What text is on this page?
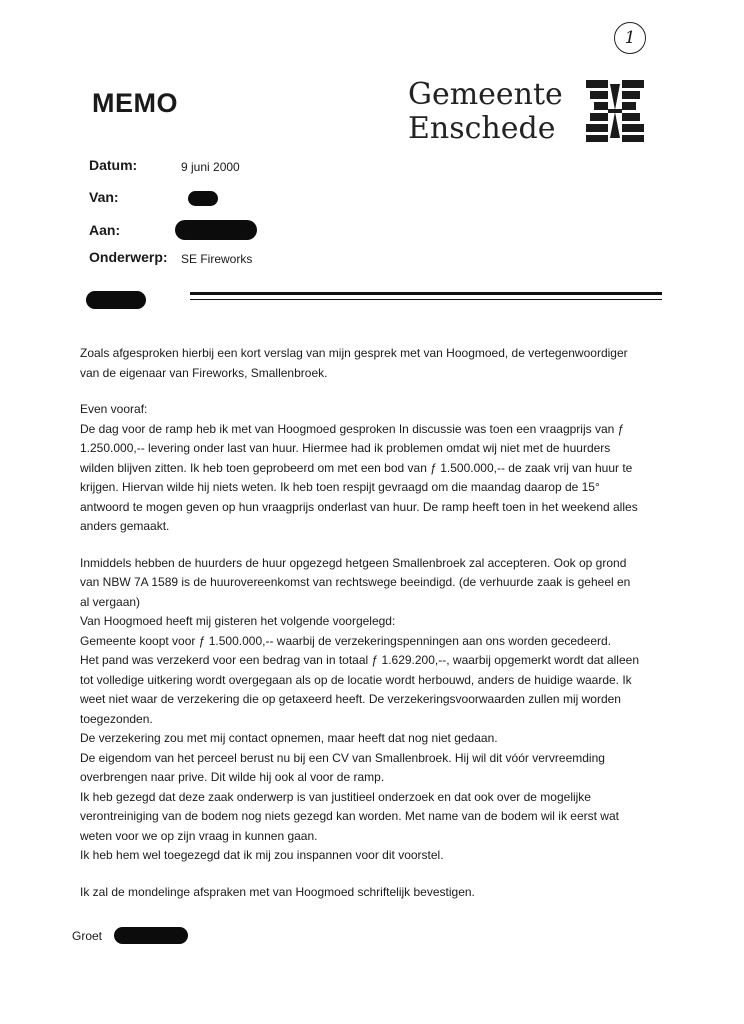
MEMO
1
Gemeente
Enschede
Datum:	9 juni 2000
Van:
Aan:
Onderwerp: SE Fireworks

Zoals afgesproken hierbij een kort verslag van mijn gesprek met van Hoogmoed, de vertegenwoordiger van de eigenaar van Fireworks, Smallenbroek.

Even vooraf:

De dag voor de ramp heb ik met van Hoogmoed gesproken In discussie was toen een vraagprijs van ƒ 1.250.000,-- levering onder last van huur. Hiermee had ik problemen omdat wij niet met de huurders wilden blijven zitten. Ik heb toen geprobeerd om met een bod van ƒ 1.500.000,-- de zaak vrij van huur te krijgen. Hiervan wilde hij niets weten. Ik heb toen respijt gevraagd om die maandag daarop de 15° antwoord te mogen geven op hun vraagprijs onderlast van huur. De ramp heeft toen in het weekend alles anders gemaakt.

Inmiddels hebben de huurders de huur opgezegd hetgeen Smallenbroek zal accepteren. Ook op grond van NBW 7A 1589 is de huurovereenkomst van rechtswege beeindigd. (de verhuurde zaak is geheel en al vergaan)

Van Hoogmoed heeft mij gisteren het volgende voorgelegd:

Gemeente koopt voor ƒ 1.500.000,-- waarbij de verzekeringspenningen aan ons worden gecedeerd.

Het pand was verzekerd voor een bedrag van in totaal ƒ 1.629.200,--, waarbij opgemerkt wordt dat alleen tot volledige uitkering wordt overgegaan als op de locatie wordt herbouwd, anders de huidige waarde. Ik weet niet waar de verzekering die op getaxeerd heeft. De verzekeringsvoorwaarden zullen mij worden toegezonden.

De verzekering zou met mij contact opnemen, maar heeft dat nog niet gedaan.

De eigendom van het perceel berust nu bij een CV van Smallenbroek. Hij wil dit vóór vervreemding overbrengen naar prive. Dit wilde hij ook al voor de ramp.

Ik heb gezegd dat deze zaak onderwerp is van justitieel onderzoek en dat ook over de mogelijke verontreiniging van de bodem nog niets gezegd kan worden. Met name van de bodem wil ik eerst wat weten voor we op zijn vraag in kunnen gaan.

Ik heb hem wel toegezegd dat ik mij zou inspannen voor dit voorstel.

Ik zal de mondelinge afspraken met van Hoogmoed schriftelijk bevestigen.

Groet
